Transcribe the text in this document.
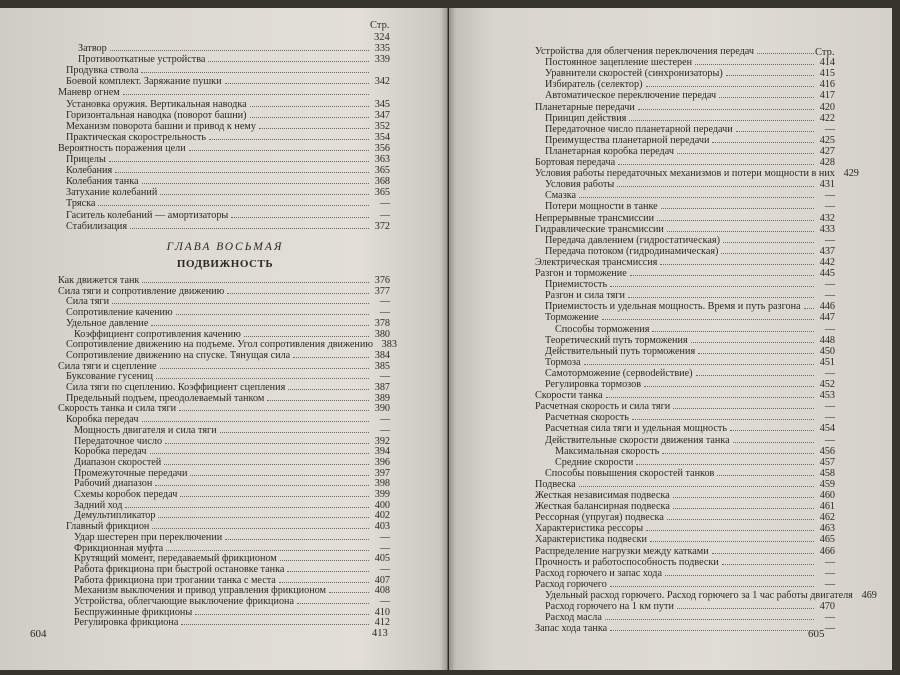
Стр.
324
ГЛАВА ВОСЬМАЯ
ПОДВИЖНОСТЬ
413
604
Стр.
605
Затвор	335
Противооткатные устройства	339
Продувка ствола
Боевой комплект. Заряжание пушки	342
Маневр огнем
Установка оружия. Вертикальная наводка	345
Горизонтальная наводка (поворот башни)	347
Механизм поворота башни и привод к нему	352
Практическая скорострельность	354
Вероятность поражения цели	356
Прицелы	363
Колебания	365
Колебания танка	368
Затухание колебаний	365
Тряска	—
Гаситель колебаний — амортизаторы	—
Стабилизация	372
Как движется танк	376
Сила тяги и сопротивление движению	377
Сила тяги	—
Сопротивление качению	—
Удельное давление	378
Коэффициент сопротивления качению	380
Сопротивление движению на подъеме. Угол сопротивления движению 383
Сопротивление движению на спуске. Тянущая сила	384
Сила тяги и сцепление	385
Буксование гусениц	—
Сила тяги по сцеплению. Коэффициент сцепления	387
Предельный подъем, преодолеваемый танком	389
Скорость танка и сила тяги	390
Коробка передач	—
Мощность двигателя и сила тяги	—
Передаточное число	392
Коробка передач	394
Диапазон скоростей	396
Промежуточные передачи	397
Рабочий диапазон	398
Схемы коробок передач	399
Задний ход	400
Демультипликатор	402
Главный фрикцион	403
Удар шестерен при переключении	—
Фрикционная муфта	—
Крутящий момент, передаваемый фрикционом	405
Работа фрикциона при быстрой остановке танка	—
Работа фрикциона при трогании танка с места	407
Механизм выключения и привод управления фрикционом	408
Устройства, облегчающие выключение фрикциона	—
Беспружинные фрикционы	410
Регулировка фрикциона	412
Устройства для облегчения переключения передач
Постоянное зацепление шестерен	414
Уравнители скоростей (синхронизаторы)	415
Избиратель (селектор)	416
Автоматическое переключение передач	417
Планетарные передачи	420
Принцип действия	422
Передаточное число планетарной передачи	—
Преимущества планетарной передачи	425
Планетарная коробка передач	427
Бортовая передача	428
Условия работы передаточных механизмов и потери мощности в них 429
Условия работы	431
Смазка	—
Потери мощности в танке	—
Непрерывные трансмиссии	432
Гидравлические трансмиссии	433
Передача давлением (гидростатическая)	—
Передача потоком (гидродинамическая)	437
Электрическая трансмиссия	442
Разгон и торможение	445
Приемистость	—
Разгон и сила тяги	—
Приемистость и удельная мощность. Время и путь разгона 446
Торможение	447
Способы торможения	—
Теоретический путь торможения	448
Действительный путь торможения	450
Тормоза	451
Самоторможение (сервodeйствие)	—
Регулировка тормозов	452
Скорости танка	453
Расчетная скорость и сила тяги	—
Расчетная скорость	—
Расчетная сила тяги и удельная мощность	454
Действительные скорости движения танка	—
Максимальная скорость	456
Средние скорости	457
Способы повышения скоростей танков	458
Подвеска	459
Жесткая независимая подвеска	460
Жесткая балансирная подвеска	461
Рессорная (упругая) подвеска	462
Характеристика рессоры	463
Характеристика подвески	465
Распределение нагрузки между катками	466
Прочность и работоспособность подвески	—
Расход горючего и запас хода	—
Расход горючего	—
Удельный расход горючего. Расход горючего за 1 час работы двигателя 469
Расход горючего на 1 км пути	470
Расход масла	—
Запас хода танка	—
